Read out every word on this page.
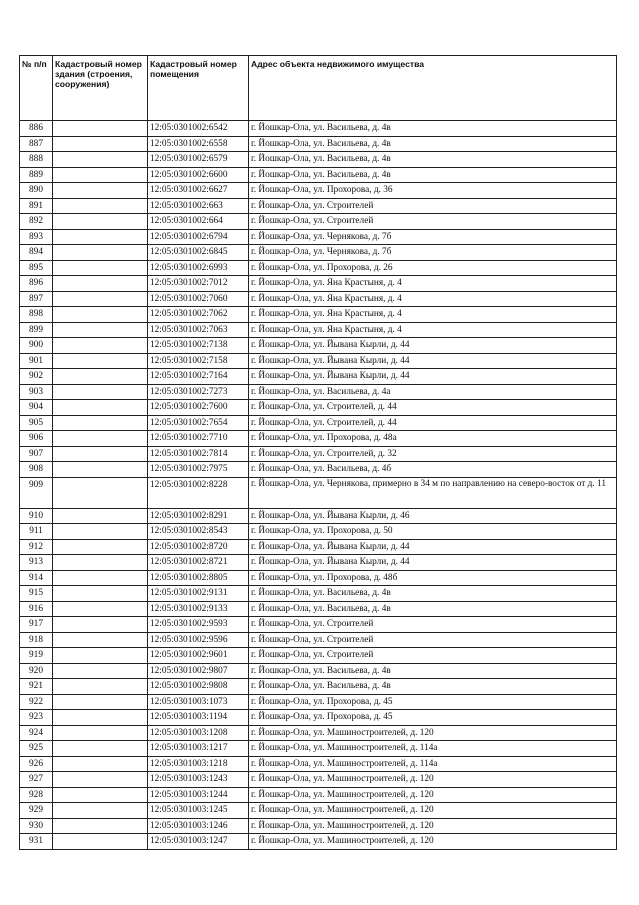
№ п/п	Кадастровый номер здания (строения, сооружения)	Кадастровый номер помещения	Адрес объекта недвижимого имущества
886		12:05:0301002:6542	г. Йошкар-Ола, ул. Васильева, д. 4в
887		12:05:0301002:6558	г. Йошкар-Ола, ул. Васильева, д. 4в
888		12:05:0301002:6579	г. Йошкар-Ола, ул. Васильева, д. 4в
889		12:05:0301002:6600	г. Йошкар-Ола, ул. Васильева, д. 4в
890		12:05:0301002:6627	г. Йошкар-Ола, ул. Прохорова, д. 36
891		12:05:0301002:663	г. Йошкар-Ола, ул. Строителей
892		12:05:0301002:664	г. Йошкар-Ола, ул. Строителей
893		12:05:0301002:6794	г. Йошкар-Ола, ул. Чернякова, д. 7б
894		12:05:0301002:6845	г. Йошкар-Ола, ул. Чернякова, д. 7б
895		12:05:0301002:6993	г. Йошкар-Ола, ул. Прохорова, д. 26
896		12:05:0301002:7012	г. Йошкар-Ола, ул. Яна Крастыня, д. 4
897		12:05:0301002:7060	г. Йошкар-Ола, ул. Яна Крастыня, д. 4
898		12:05:0301002:7062	г. Йошкар-Ола, ул. Яна Крастыня, д. 4
899		12:05:0301002:7063	г. Йошкар-Ола, ул. Яна Крастыня, д. 4
900		12:05:0301002:7138	г. Йошкар-Ола, ул. Йывана Кырли, д. 44
901		12:05:0301002:7158	г. Йошкар-Ола, ул. Йывана Кырли, д. 44
902		12:05:0301002:7164	г. Йошкар-Ола, ул. Йывана Кырли, д. 44
903		12:05:0301002:7273	г. Йошкар-Ола, ул. Васильева, д. 4а
904		12:05:0301002:7600	г. Йошкар-Ола, ул. Строителей, д. 44
905		12:05:0301002:7654	г. Йошкар-Ола, ул. Строителей, д. 44
906		12:05:0301002:7710	г. Йошкар-Ола, ул. Прохорова, д. 48а
907		12:05:0301002:7814	г. Йошкар-Ола, ул. Строителей, д. 32
908		12:05:0301002:7975	г. Йошкар-Ола, ул. Васильева, д. 4б
909		12:05:0301002:8228	г. Йошкар-Ола, ул. Чернякова, примерно в 34 м по направлению на северо-восток от д. 11
910		12:05:0301002:8291	г. Йошкар-Ола, ул. Йывана Кырли, д. 46
911		12:05:0301002:8543	г. Йошкар-Ола, ул. Прохорова, д. 50
912		12:05:0301002:8720	г. Йошкар-Ола, ул. Йывана Кырли, д. 44
913		12:05:0301002:8721	г. Йошкар-Ола, ул. Йывана Кырли, д. 44
914		12:05:0301002:8805	г. Йошкар-Ола, ул. Прохорова, д. 48б
915		12:05:0301002:9131	г. Йошкар-Ола, ул. Васильева, д. 4в
916		12:05:0301002:9133	г. Йошкар-Ола, ул. Васильева, д. 4в
917		12:05:0301002:9593	г. Йошкар-Ола, ул. Строителей
918		12:05:0301002:9596	г. Йошкар-Ола, ул. Строителей
919		12:05:0301002:9601	г. Йошкар-Ола, ул. Строителей
920		12:05:0301002:9807	г. Йошкар-Ола, ул. Васильева, д. 4в
921		12:05:0301002:9808	г. Йошкар-Ола, ул. Васильева, д. 4в
922		12:05:0301003:1073	г. Йошкар-Ола, ул. Прохорова, д. 45
923		12:05:0301003:1194	г. Йошкар-Ола, ул. Прохорова, д. 45
924		12:05:0301003:1208	г. Йошкар-Ола, ул. Машиностроителей, д. 120
925		12:05:0301003:1217	г. Йошкар-Ола, ул. Машиностроителей, д. 114а
926		12:05:0301003:1218	г. Йошкар-Ола, ул. Машиностроителей, д. 114а
927		12:05:0301003:1243	г. Йошкар-Ола, ул. Машиностроителей, д. 120
928		12:05:0301003:1244	г. Йошкар-Ола, ул. Машиностроителей, д. 120
929		12:05:0301003:1245	г. Йошкар-Ола, ул. Машиностроителей, д. 120
930		12:05:0301003:1246	г. Йошкар-Ола, ул. Машиностроителей, д. 120
931		12:05:0301003:1247	г. Йошкар-Ола, ул. Машиностроителей, д. 120
